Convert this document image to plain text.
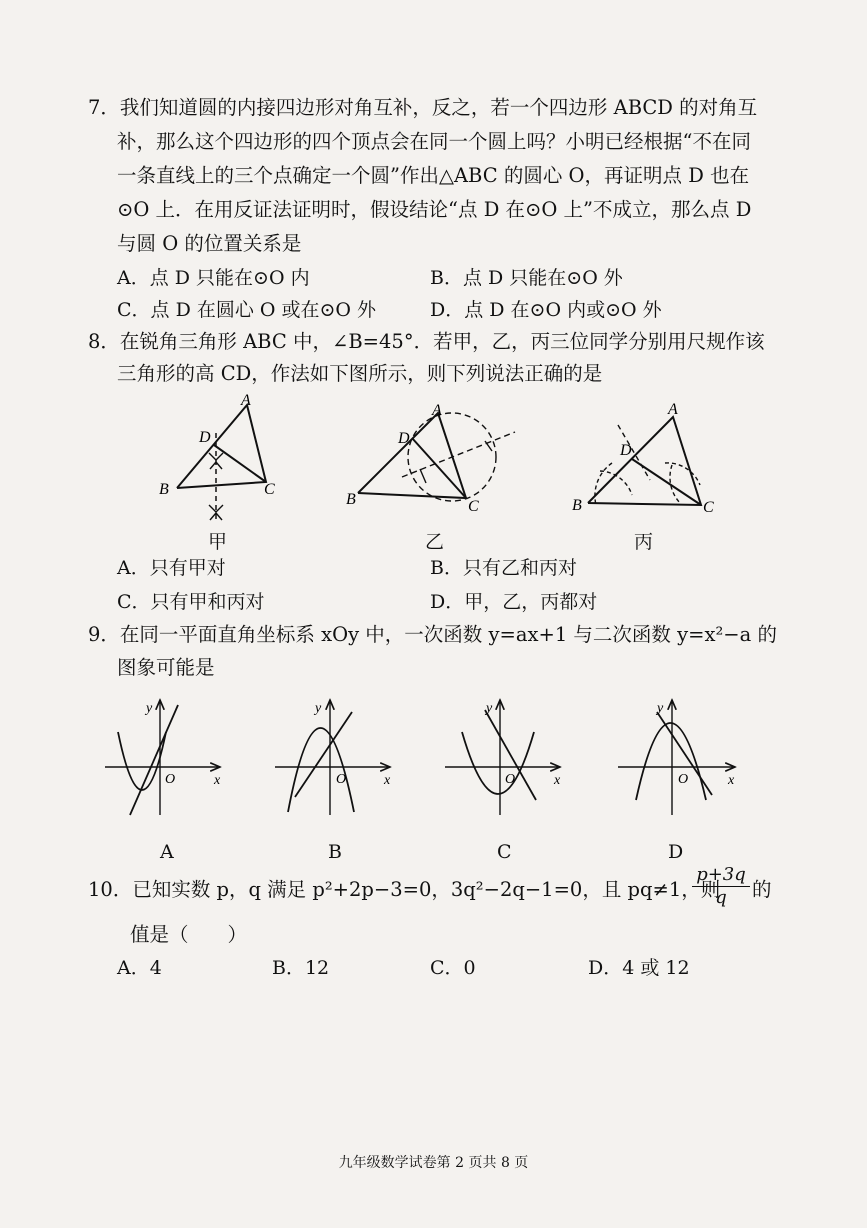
7．我们知道圆的内接四边形对角互补，反之，若一个四边形 ABCD 的对角互
补，那么这个四边形的四个顶点会在同一个圆上吗？小明已经根据“不在同
一条直线上的三个点确定一个圆”作出△ABC 的圆心 O，再证明点 D 也在
⊙O 上．在用反证法证明时，假设结论“点 D 在⊙O 上”不成立，那么点 D
与圆 O 的位置关系是
A．点 D 只能在⊙O 内	B．点 D 只能在⊙O 外
C．点 D 在圆心 O 或在⊙O 外	D．点 D 在⊙O 内或⊙O 外
8．在锐角三角形 ABC 中，∠B=45°．若甲，乙，丙三位同学分别用尺规作该
三角形的高 CD，作法如下图所示，则下列说法正确的是
A
D
B	C
A
D
B	C
A
D
B	C
甲	乙	丙
A．只有甲对	B．只有乙和丙对
C．只有甲和丙对	D．甲，乙，丙都对
9．在同一平面直角坐标系 xOy 中，一次函数 y=ax+1 与二次函数 y=x²−a 的
图象可能是
y
x
O
y
x
O
y
x
O
y
x
O
A	B	C	D
10．已知实数 p，q 满足 p²+2p−3=0，3q²−2q−1=0，且 pq≠1，则
$\frac{p+3q}{q}$ 的
值是（　　）
A．4	B．12	C．0	D．4 或 12
九年级数学试卷第 2 页共 8 页
